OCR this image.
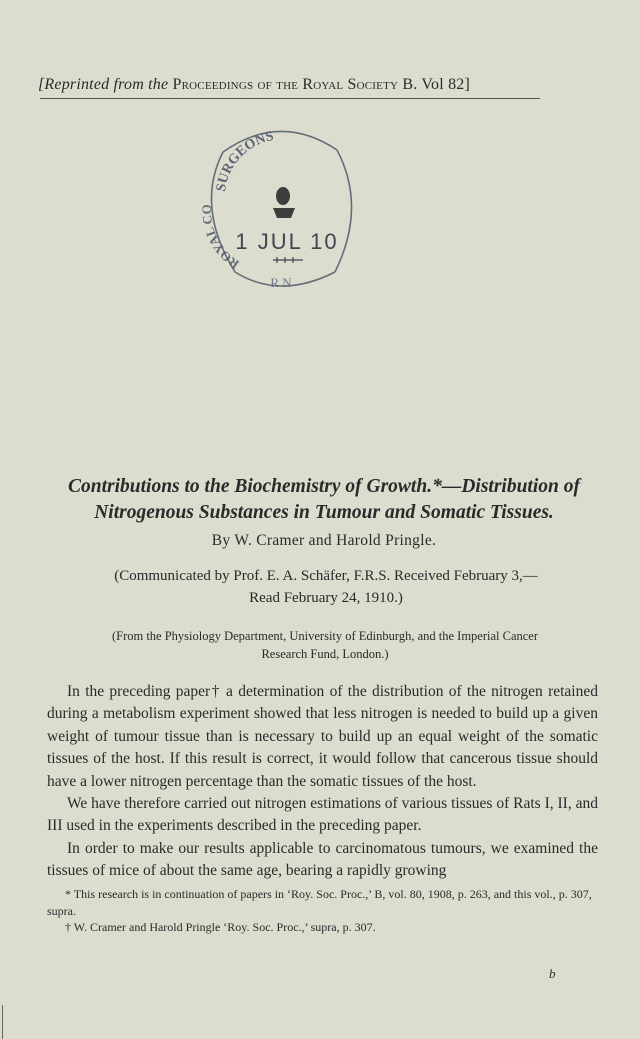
[Reprinted from the Proceedings of the Royal Society B. Vol 82]
SURGEONS
ROYAL CO
1 JUL 10
R N
Contributions to the Biochemistry of Growth.*—Distribution of
Nitrogenous Substances in Tumour and Somatic Tissues.
By W. Cramer and Harold Pringle.
(Communicated by Prof. E. A. Schäfer, F.R.S. Received February 3,—
Read February 24, 1910.)
(From the Physiology Department, University of Edinburgh, and the Imperial Cancer
Research Fund, London.)

In the preceding paper† a determination of the distribution of the nitrogen retained during a metabolism experiment showed that less nitrogen is needed to build up a given weight of tumour tissue than is necessary to build up an equal weight of the somatic tissues of the host. If this result is correct, it would follow that cancerous tissue should have a lower nitrogen percentage than the somatic tissues of the host.

We have therefore carried out nitrogen estimations of various tissues of Rats I, II, and III used in the experiments described in the preceding paper.

In order to make our results applicable to carcinomatous tumours, we examined the tissues of mice of about the same age, bearing a rapidly growing

* This research is in continuation of papers in ‘Roy. Soc. Proc.,’ B, vol. 80, 1908, p. 263, and this vol., p. 307, supra.

† W. Cramer and Harold Pringle ‘Roy. Soc. Proc.,’ supra, p. 307.

b
